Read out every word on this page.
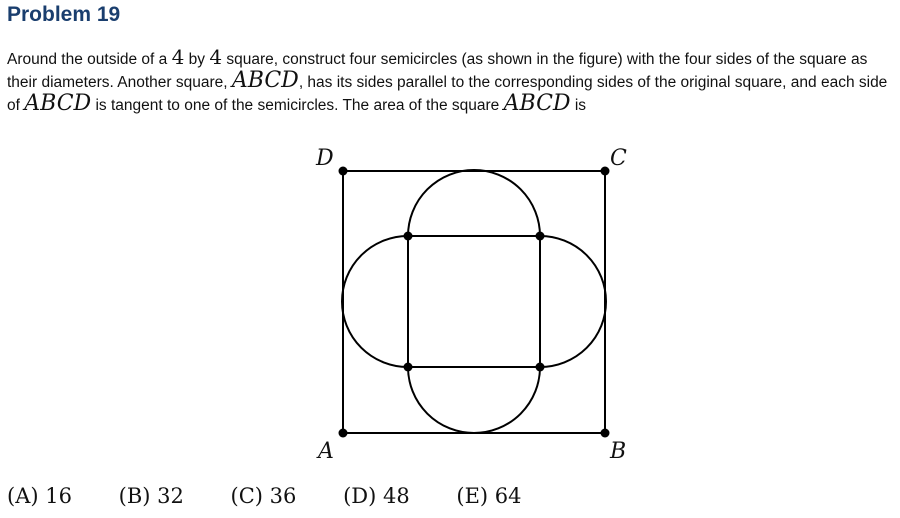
Problem 19
Around the outside of a 4 by 4 square, construct four semicircles (as shown in the figure) with the four sides of the square as their diameters. Another square, ABCD, has its sides parallel to the corresponding sides of the original square, and each side of ABCD is tangent to one of the semicircles. The area of the square ABCD is
A	B
C
D
(A) 16 (B) 32 (C) 36 (D) 48 (E) 64
